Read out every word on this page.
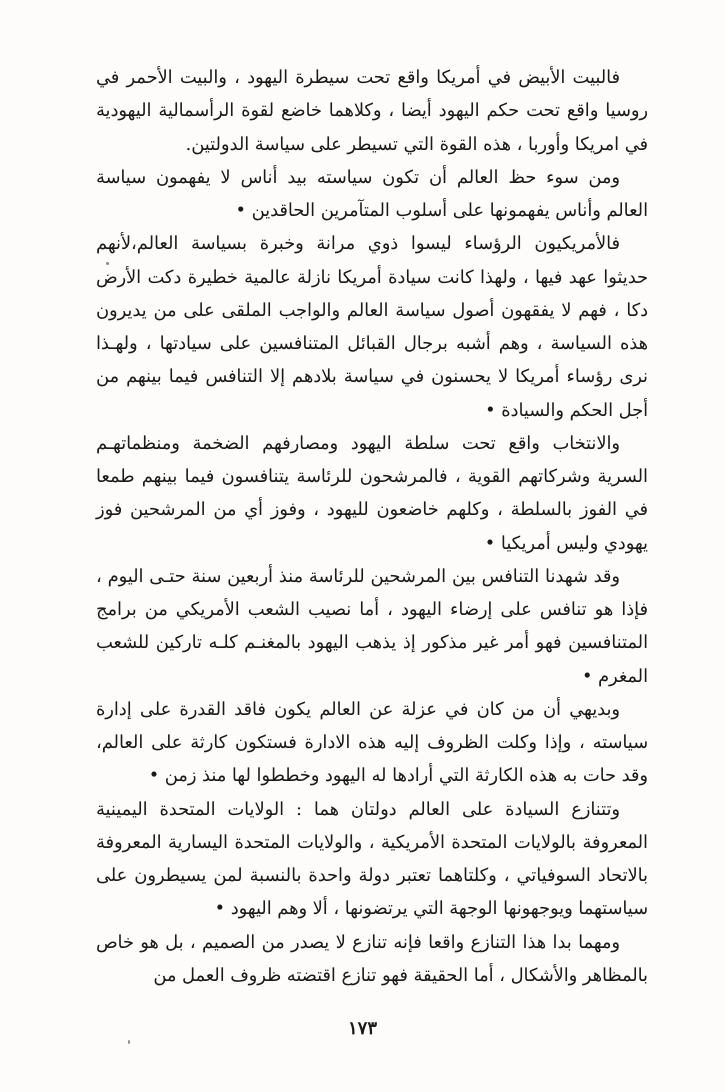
فالبيت الأبيض في أمريكا واقع تحت سيطرة اليهود ، والبيت الأحمر في روسيا واقع تحت حكم اليهود أيضا ، وكلاهما خاضع لقوة الرأسمالية اليهودية في امريكا وأوربا ، هذه القوة التي تسيطر على سياسة الدولتين.

ومن سوء حظ العالم أن تكون سياسته بيد أناس لا يفهمون سياسة العالم وأناس يفهمونها على أسلوب المتآمرين الحاقدين •

فالأمريكيون الرؤساء ليسوا ذوي مرانة وخبرة بسياسة العالم،لأنهم حديثوا عهد فيها ، ولهذا كانت سيادة أمريكا نازلة عالمية خطيرة دكت الأرض دكا ، فهم لا يفقهون أصول سياسة العالم والواجب الملقى على من يديرون هذه السياسة ، وهم أشبه برجال القبائل المتنافسين على سيادتها ، ولهـذا نرى رؤساء أمريكا لا يحسنون في سياسة بلادهم إلا التنافس فيما بينهم من أجل الحكم والسيادة •

والانتخاب واقع تحت سلطة اليهود ومصارفهم الضخمة ومنظماتهـم السرية وشركاتهم القوية ، فالمرشحون للرئاسة يتنافسون فيما بينهم طمعا في الفوز بالسلطة ، وكلهم خاضعون لليهود ، وفوز أي من المرشحين فوز يهودي وليس أمريكيا •

وقد شهدنا التنافس بين المرشحين للرئاسة منذ أربعين سنة حتـى اليوم ، فإذا هو تنافس على إرضاء اليهود ، أما نصيب الشعب الأمريكي من برامج المتنافسين فهو أمر غير مذكور إذ يذهب اليهود بالمغنـم كلـه تاركين للشعب المغرم •

وبديهي أن من كان في عزلة عن العالم يكون فاقد القدرة على إدارة سياسته ، وإذا وكلت الظروف إليه هذه الادارة فستكون كارثة على العالم، وقد حات به هذه الكارثة التي أرادها له اليهود وخططوا لها منذ زمن •

وتتنازع السيادة على العالم دولتان هما : الولايات المتحدة اليمينية المعروفة بالولايات المتحدة الأمريكية ، والولايات المتحدة اليسارية المعروفة بالاتحاد السوفياتي ، وكلتاهما تعتبر دولة واحدة بالنسبة لمن يسيطرون على سياستهما ويوجهونها الوجهة التي يرتضونها ، ألا وهم اليهود •

ومهما بدا هذا التنازع واقعا فإنه تنازع لا يصدر من الصميم ، بل هو خاص بالمظاهر والأشكال ، أما الحقيقة فهو تنازع اقتضته ظروف العمل من

١٧٣
